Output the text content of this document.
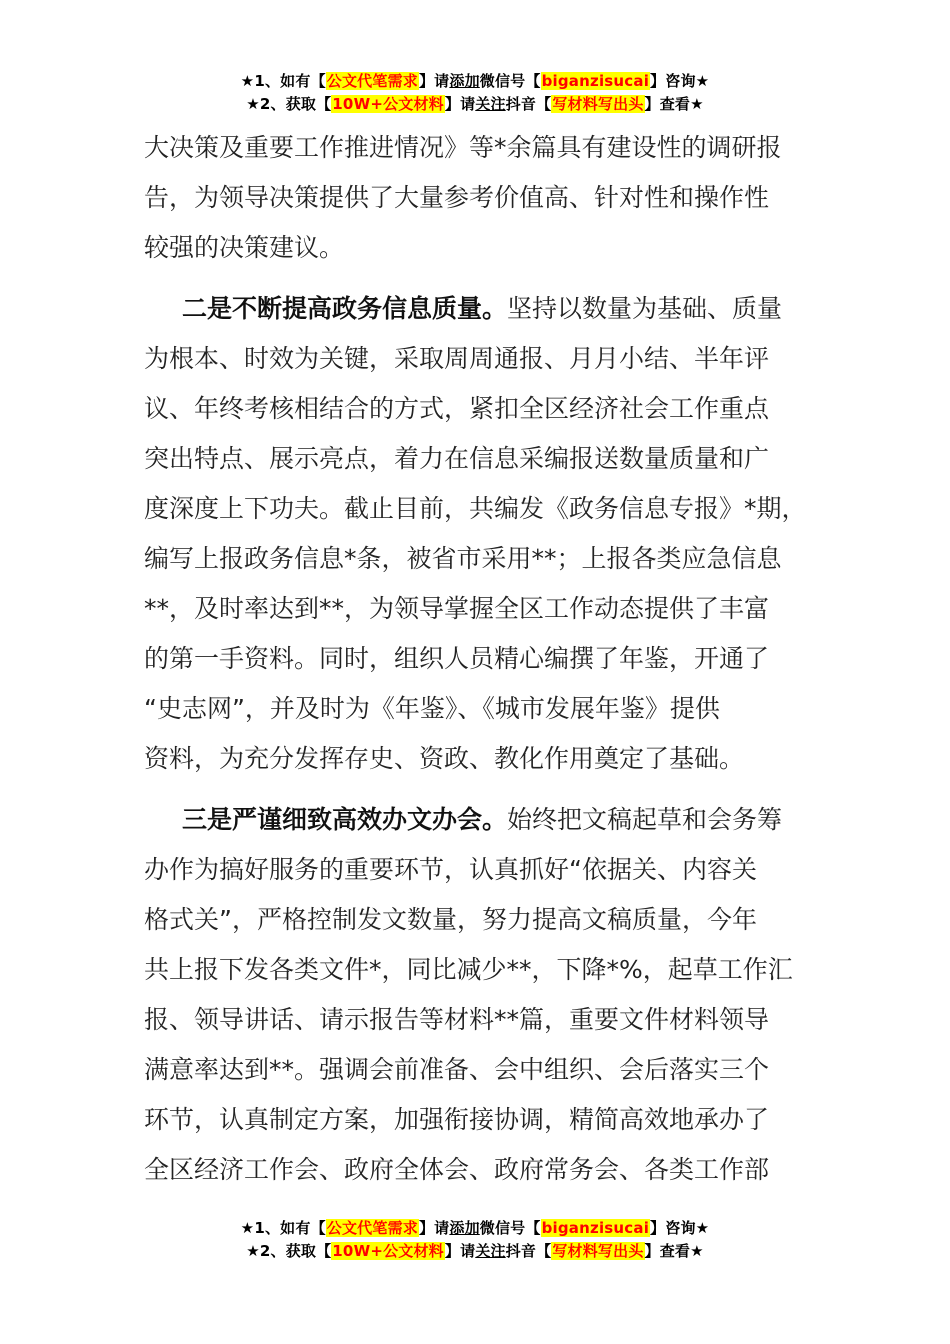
★1、如有【公文代笔需求】请添加微信号【biganzisucai】咨询★
★2、获取【10W+公文材料】请关注抖音【写材料写出头】查看★
大决策及重要工作推进情况》等*余篇具有建设性的调研报
告，为领导决策提供了大量参考价值高、针对性和操作性
较强的决策建议。
二是不断提高政务信息质量。坚持以数量为基础、质量
为根本、时效为关键，采取周周通报、月月小结、半年评
议、年终考核相结合的方式，紧扣全区经济社会工作重点
突出特点、展示亮点，着力在信息采编报送数量质量和广
度深度上下功夫。截止目前，共编发《政务信息专报》*期，
编写上报政务信息*条，被省市采用**；上报各类应急信息
**，及时率达到**，为领导掌握全区工作动态提供了丰富
的第一手资料。同时，组织人员精心编撰了年鉴，开通了
“史志网”，并及时为《年鉴》、《城市发展年鉴》提供
资料，为充分发挥存史、资政、教化作用奠定了基础。
三是严谨细致高效办文办会。始终把文稿起草和会务筹
办作为搞好服务的重要环节，认真抓好“依据关、内容关
格式关”，严格控制发文数量，努力提高文稿质量，今年
共上报下发各类文件*，同比减少**，下降*%，起草工作汇
报、领导讲话、请示报告等材料**篇，重要文件材料领导
满意率达到**。强调会前准备、会中组织、会后落实三个
环节，认真制定方案，加强衔接协调，精简高效地承办了
全区经济工作会、政府全体会、政府常务会、各类工作部
★1、如有【公文代笔需求】请添加微信号【biganzisucai】咨询★
★2、获取【10W+公文材料】请关注抖音【写材料写出头】查看★
